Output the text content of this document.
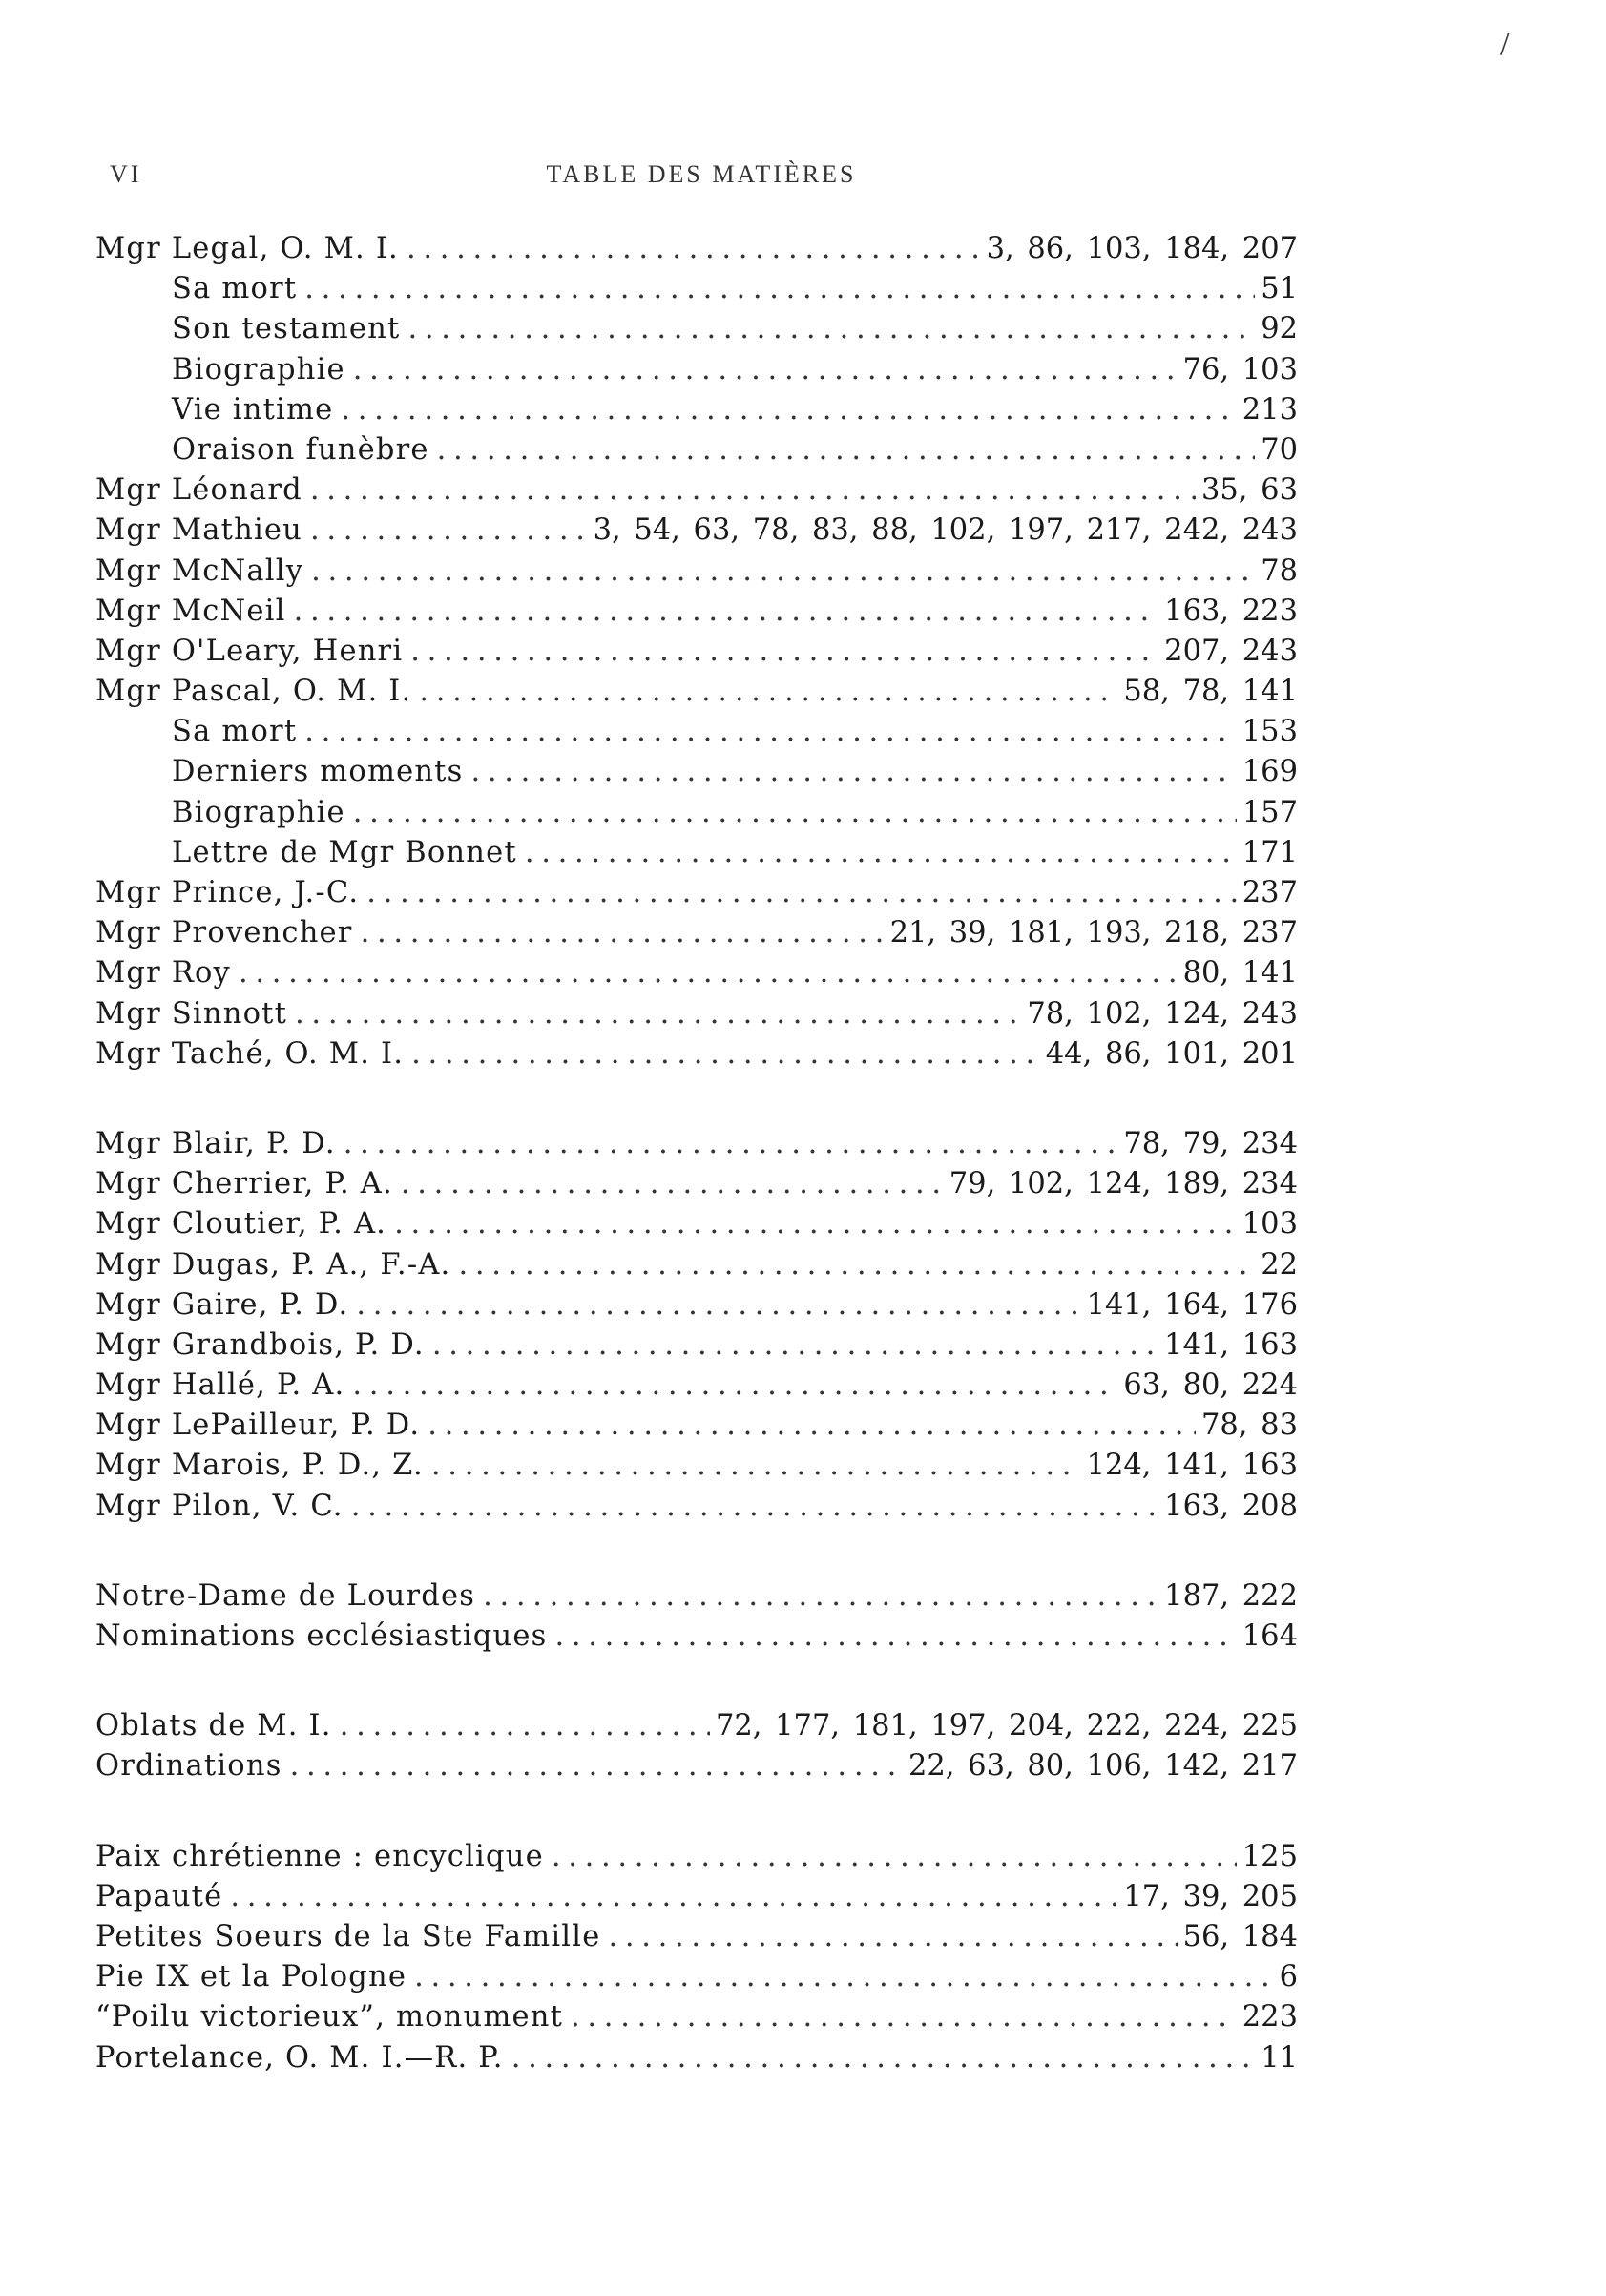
/
VI	TABLE DES MATIÈRES
Mgr Legal, O. M. I. . . .	3, 86, 103, 184, 207
Sa mort . . .	51
Son testament . . .	92
Biographie . . .	76, 103
Vie intime . . .	213
Oraison funèbre . . .	70
Mgr Léonard . . .	35, 63
Mgr Mathieu . . .	3, 54, 63, 78, 83, 88, 102, 197, 217, 242, 243
Mgr McNally . . .	78
Mgr McNeil . . .	163, 223
Mgr O'Leary, Henri . . .	207, 243
Mgr Pascal, O. M. I. . . .	58, 78, 141
Sa mort . . .	153
Derniers moments . . .	169
Biographie . . .	157
Lettre de Mgr Bonnet . . .	171
Mgr Prince, J.-C. . . .	237
Mgr Provencher . . .	21, 39, 181, 193, 218, 237
Mgr Roy . . .	80, 141
Mgr Sinnott . . .	78, 102, 124, 243
Mgr Taché, O. M. I. . . .	44, 86, 101, 201
Mgr Blair, P. D. . . .	78, 79, 234
Mgr Cherrier, P. A. . . .	79, 102, 124, 189, 234
Mgr Cloutier, P. A. . . .	103
Mgr Dugas, P. A., F.-A. . . .	22
Mgr Gaire, P. D. . . .	141, 164, 176
Mgr Grandbois, P. D. . . .	141, 163
Mgr Hallé, P. A. . . .	63, 80, 224
Mgr LePailleur, P. D. . . .	78, 83
Mgr Marois, P. D., Z. . . .	124, 141, 163
Mgr Pilon, V. C. . . .	163, 208
Notre-Dame de Lourdes . . .	187, 222
Nominations ecclésiastiques . . .	164
Oblats de M. I. . . .	72, 177, 181, 197, 204, 222, 224, 225
Ordinations . . .	22, 63, 80, 106, 142, 217
Paix chrétienne : encyclique . . .	125
Papauté . . .	17, 39, 205
Petites Soeurs de la Ste Famille . . .	56, 184
Pie IX et la Pologne . . .	6
“Poilu victorieux”, monument . . .	223
Portelance, O. M. I.—R. P. . . .	11
